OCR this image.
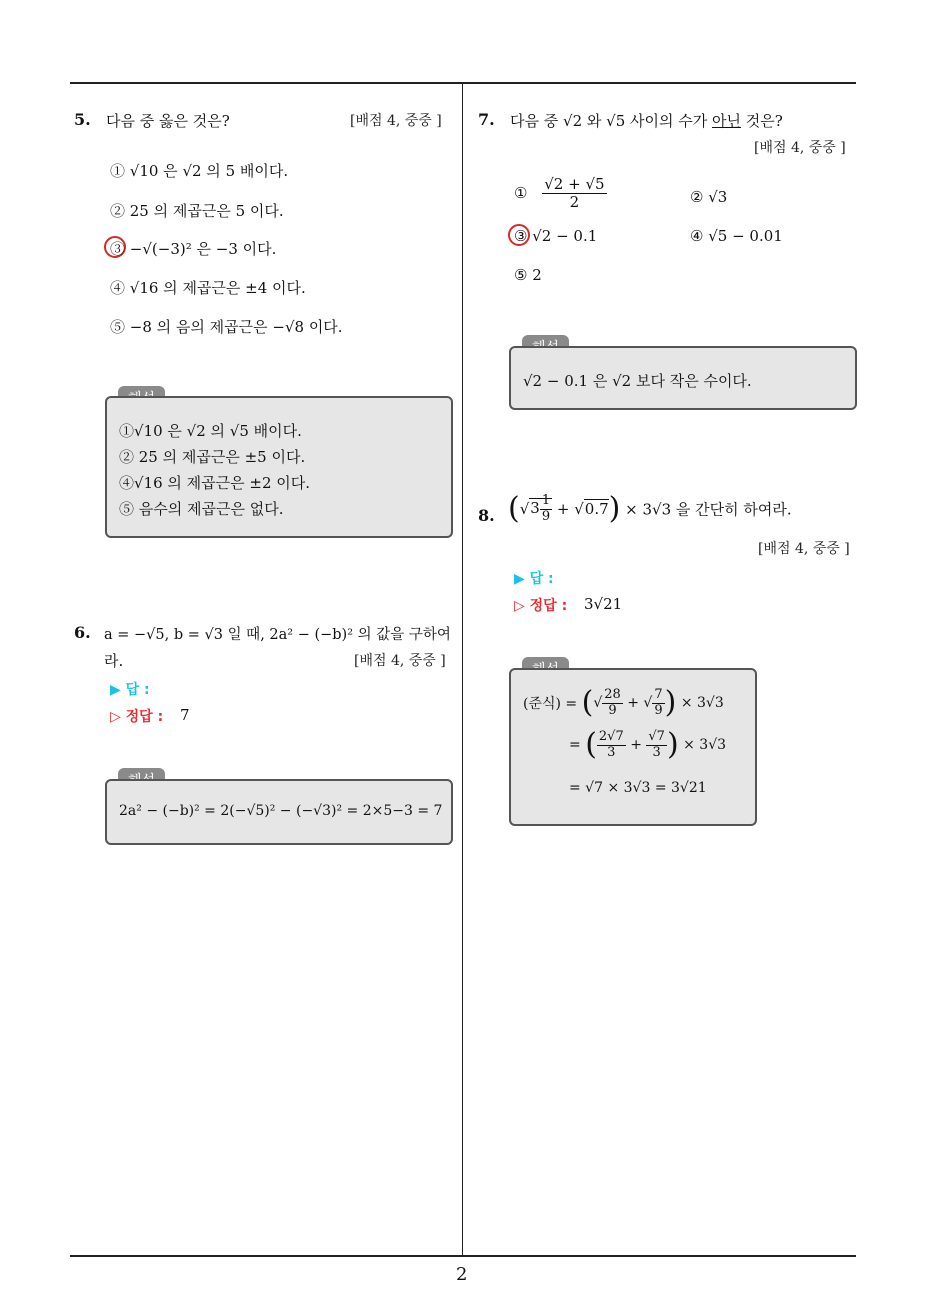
2
5. 다음 중 옳은 것은?	[배점 4, 중중 ]
① √10 은 √2 의 5 배이다.
② 25 의 제곱근은 5 이다.
③ −√(−3)² 은 −3 이다.
④ √16 의 제곱근은 ±4 이다.
⑤ −8 의 음의 제곱근은 −√8 이다.
①√10 은 √2 의 √5 배이다.
② 25 의 제곱근은 ±5 이다.
④√16 의 제곱근은 ±2 이다.
⑤ 음수의 제곱근은 없다.
6. a = −√5, b = √3 일 때, 2a² − (−b)² 의 값을 구하여
라.	[배점 4, 중중 ]
▶ 답 :
▷ 정답 : 7
2a² − (−b)² = 2(−√5)² − (−√3)² = 2×5−3 = 7
7. 다음 중 √2 와 √5 사이의 수가 아닌 것은?
[배점 4, 중중 ]
① $\frac{√2 + √5}{2}$	② √3
③ √2 − 0.1	④ √5 − 0.01
⑤ 2
√2 − 0.1 은 √2 보다 작은 수이다.
8. $(√3 \frac{1}{9} + √0.7) \times 3√3$ 을 간단히 하여라.
[배점 4, 중중 ]
▶ 답 :
▷ 정답 : 3√21
(준식) = (√ $\frac{28}{9}$ + √ $\frac{7}{9}$ ) × 3√3
= ( $\frac{2√7}{3} + \frac{√7}{3}$ ) × 3√3
= √7 × 3√3 = 3√21
